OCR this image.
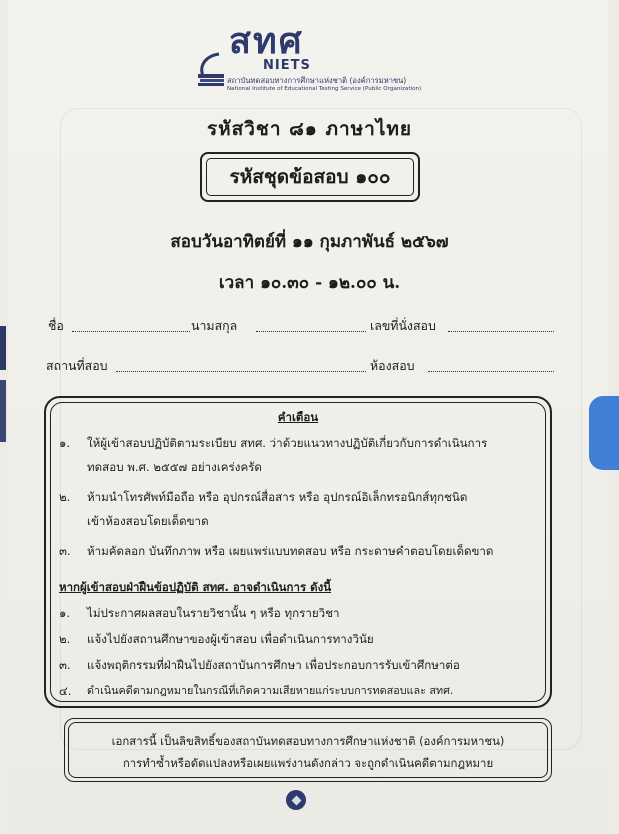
สทศ
NIETS
สถาบันทดสอบทางการศึกษาแห่งชาติ (องค์การมหาชน)
National Institute of Educational Testing Service (Public Organization)
รหัสวิชา ๘๑ ภาษาไทย
รหัสชุดข้อสอบ ๑๐๐
สอบวันอาทิตย์ที่ ๑๑ กุมภาพันธ์ ๒๕๖๗
เวลา ๑๐.๓๐ - ๑๒.๐๐ น.
ชื่อ	นามสกุล	เลขที่นั่งสอบ
สถานที่สอบ	ห้องสอบ
คำเตือน
๑. ให้ผู้เข้าสอบปฏิบัติตามระเบียบ สทศ. ว่าด้วยแนวทางปฏิบัติเกี่ยวกับการดำเนินการ
ทดสอบ พ.ศ. ๒๕๕๗ อย่างเคร่งครัด
๒. ห้ามนำโทรศัพท์มือถือ หรือ อุปกรณ์สื่อสาร หรือ อุปกรณ์อิเล็กทรอนิกส์ทุกชนิด
เข้าห้องสอบโดยเด็ดขาด
๓. ห้ามคัดลอก บันทึกภาพ หรือ เผยแพร่แบบทดสอบ หรือ กระดาษคำตอบโดยเด็ดขาด
หากผู้เข้าสอบฝ่าฝืนข้อปฏิบัติ สทศ. อาจดำเนินการ ดังนี้
๑. ไม่ประกาศผลสอบในรายวิชานั้น ๆ หรือ ทุกรายวิชา
๒. แจ้งไปยังสถานศึกษาของผู้เข้าสอบ เพื่อดำเนินการทางวินัย
๓. แจ้งพฤติกรรมที่ฝ่าฝืนไปยังสถาบันการศึกษา เพื่อประกอบการรับเข้าศึกษาต่อ
๔. ดำเนินคดีตามกฎหมายในกรณีที่เกิดความเสียหายแก่ระบบการทดสอบและ สทศ.
เอกสารนี้ เป็นลิขสิทธิ์ของสถาบันทดสอบทางการศึกษาแห่งชาติ (องค์การมหาชน)
การทำซ้ำหรือดัดแปลงหรือเผยแพร่งานดังกล่าว จะถูกดำเนินคดีตามกฎหมาย
